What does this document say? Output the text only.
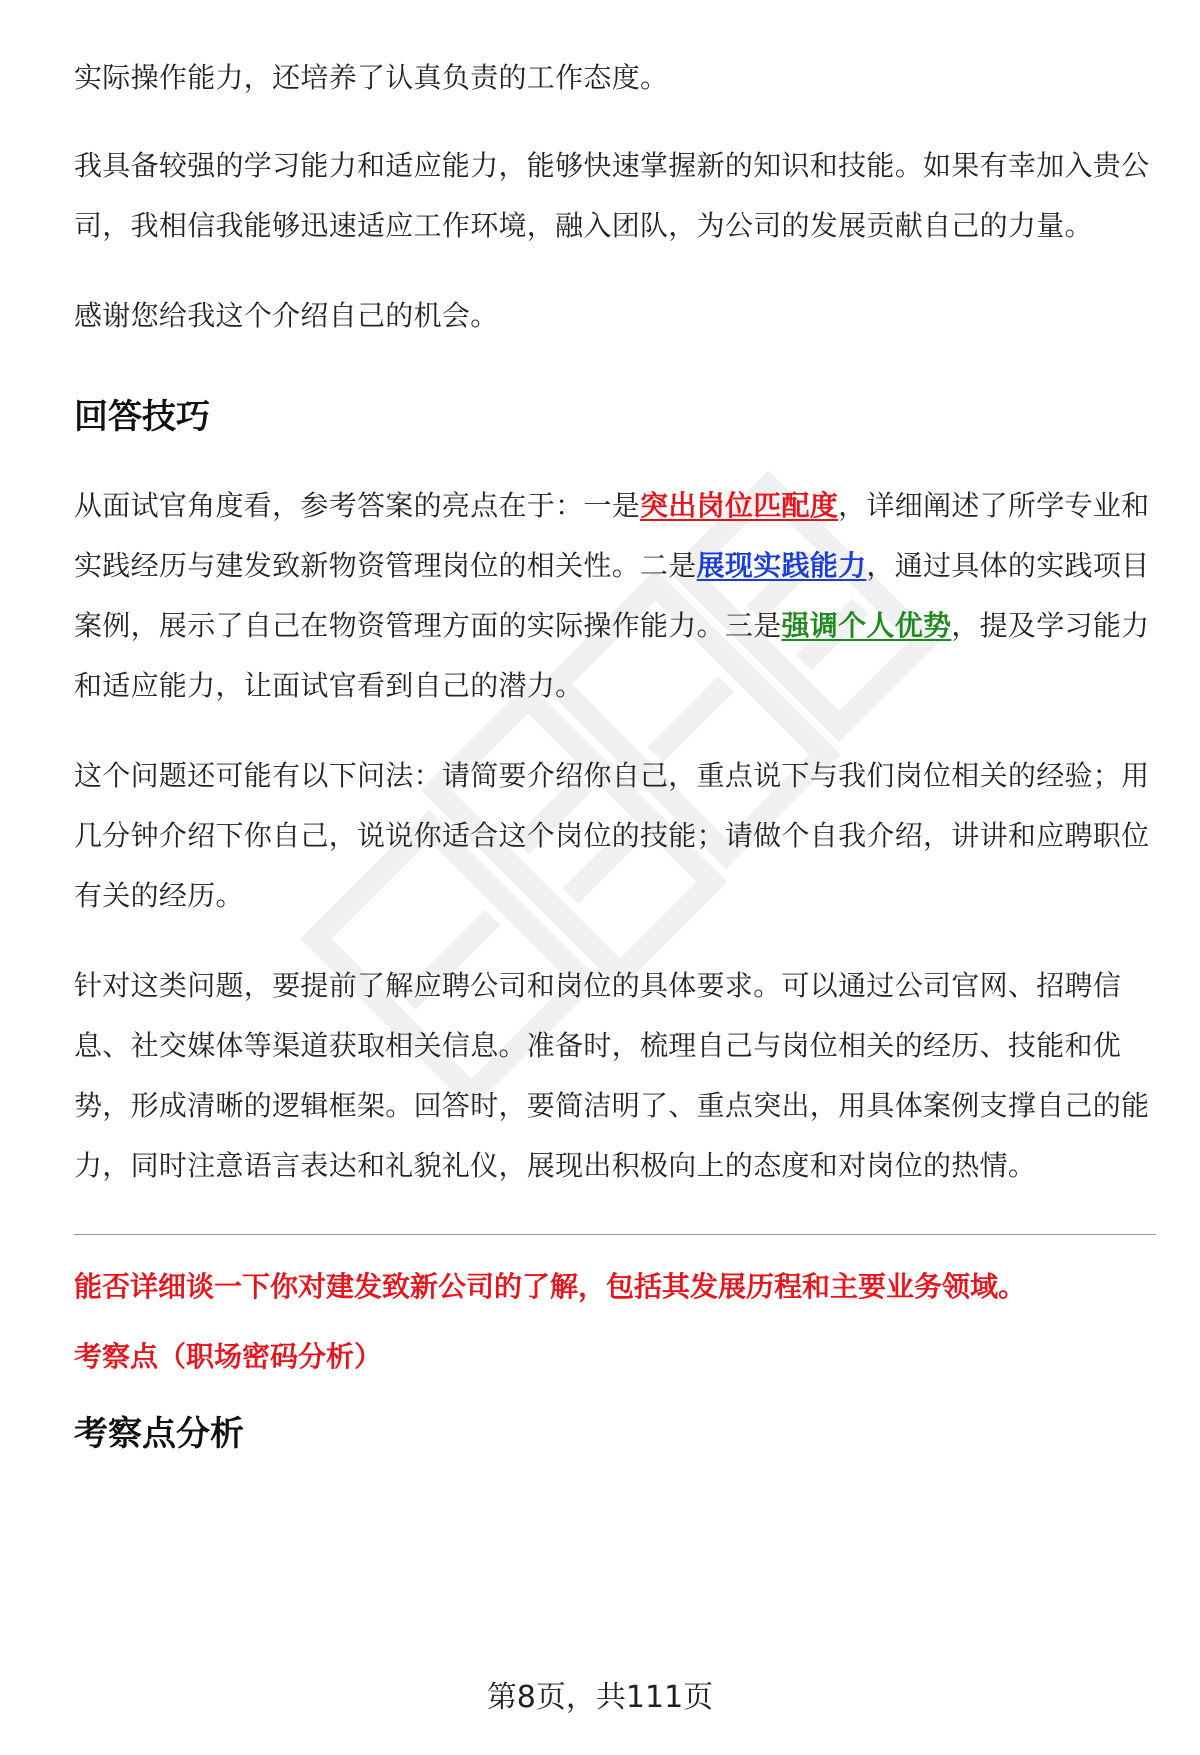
实际操作能力，还培养了认真负责的工作态度。

我具备较强的学习能力和适应能力，能够快速掌握新的知识和技能。如果有幸加入贵公司，我相信我能够迅速适应工作环境，融入团队，为公司的发展贡献自己的力量。

感谢您给我这个介绍自己的机会。

回答技巧

从面试官角度看，参考答案的亮点在于：一是突出岗位匹配度，详细阐述了所学专业和实践经历与建发致新物资管理岗位的相关性。二是展现实践能力，通过具体的实践项目案例，展示了自己在物资管理方面的实际操作能力。三是强调个人优势，提及学习能力和适应能力，让面试官看到自己的潜力。

这个问题还可能有以下问法：请简要介绍你自己，重点说下与我们岗位相关的经验；用几分钟介绍下你自己，说说你适合这个岗位的技能；请做个自我介绍，讲讲和应聘职位有关的经历。

针对这类问题，要提前了解应聘公司和岗位的具体要求。可以通过公司官网、招聘信息、社交媒体等渠道获取相关信息。准备时，梳理自己与岗位相关的经历、技能和优势，形成清晰的逻辑框架。回答时，要简洁明了、重点突出，用具体案例支撑自己的能力，同时注意语言表达和礼貌礼仪，展现出积极向上的态度和对岗位的热情。

能否详细谈一下你对建发致新公司的了解，包括其发展历程和主要业务领域。

考察点（职场密码分析）

考察点分析
第8页，共111页
